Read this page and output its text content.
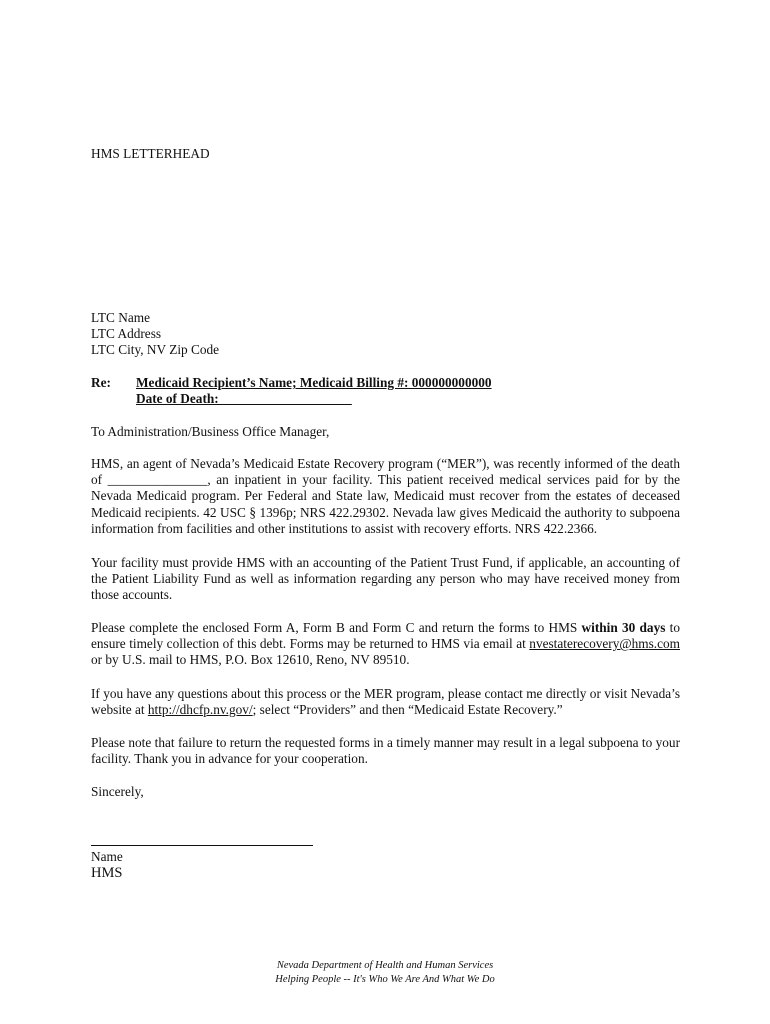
HMS LETTERHEAD
LTC Name
LTC Address
LTC City, NV Zip Code
Re: Medicaid Recipient’s Name; Medicaid Billing #: 000000000000
Date of Death:____________________
To Administration/Business Office Manager,
HMS, an agent of Nevada’s Medicaid Estate Recovery program (“MER”), was recently informed of the death of _______________, an inpatient in your facility. This patient received medical services paid for by the Nevada Medicaid program. Per Federal and State law, Medicaid must recover from the estates of deceased Medicaid recipients. 42 USC § 1396p; NRS 422.29302. Nevada law gives Medicaid the authority to subpoena information from facilities and other institutions to assist with recovery efforts. NRS 422.2366.
Your facility must provide HMS with an accounting of the Patient Trust Fund, if applicable, an accounting of the Patient Liability Fund as well as information regarding any person who may have received money from those accounts.
Please complete the enclosed Form A, Form B and Form C and return the forms to HMS within 30 days to ensure timely collection of this debt. Forms may be returned to HMS via email at nvestaterecovery@hms.com or by U.S. mail to HMS, P.O. Box 12610, Reno, NV 89510.
If you have any questions about this process or the MER program, please contact me directly or visit Nevada’s website at http://dhcfp.nv.gov/; select “Providers” and then “Medicaid Estate Recovery.”
Please note that failure to return the requested forms in a timely manner may result in a legal subpoena to your facility. Thank you in advance for your cooperation.
Sincerely,
Name
HMS
Nevada Department of Health and Human Services
Helping People -- It's Who We Are And What We Do
